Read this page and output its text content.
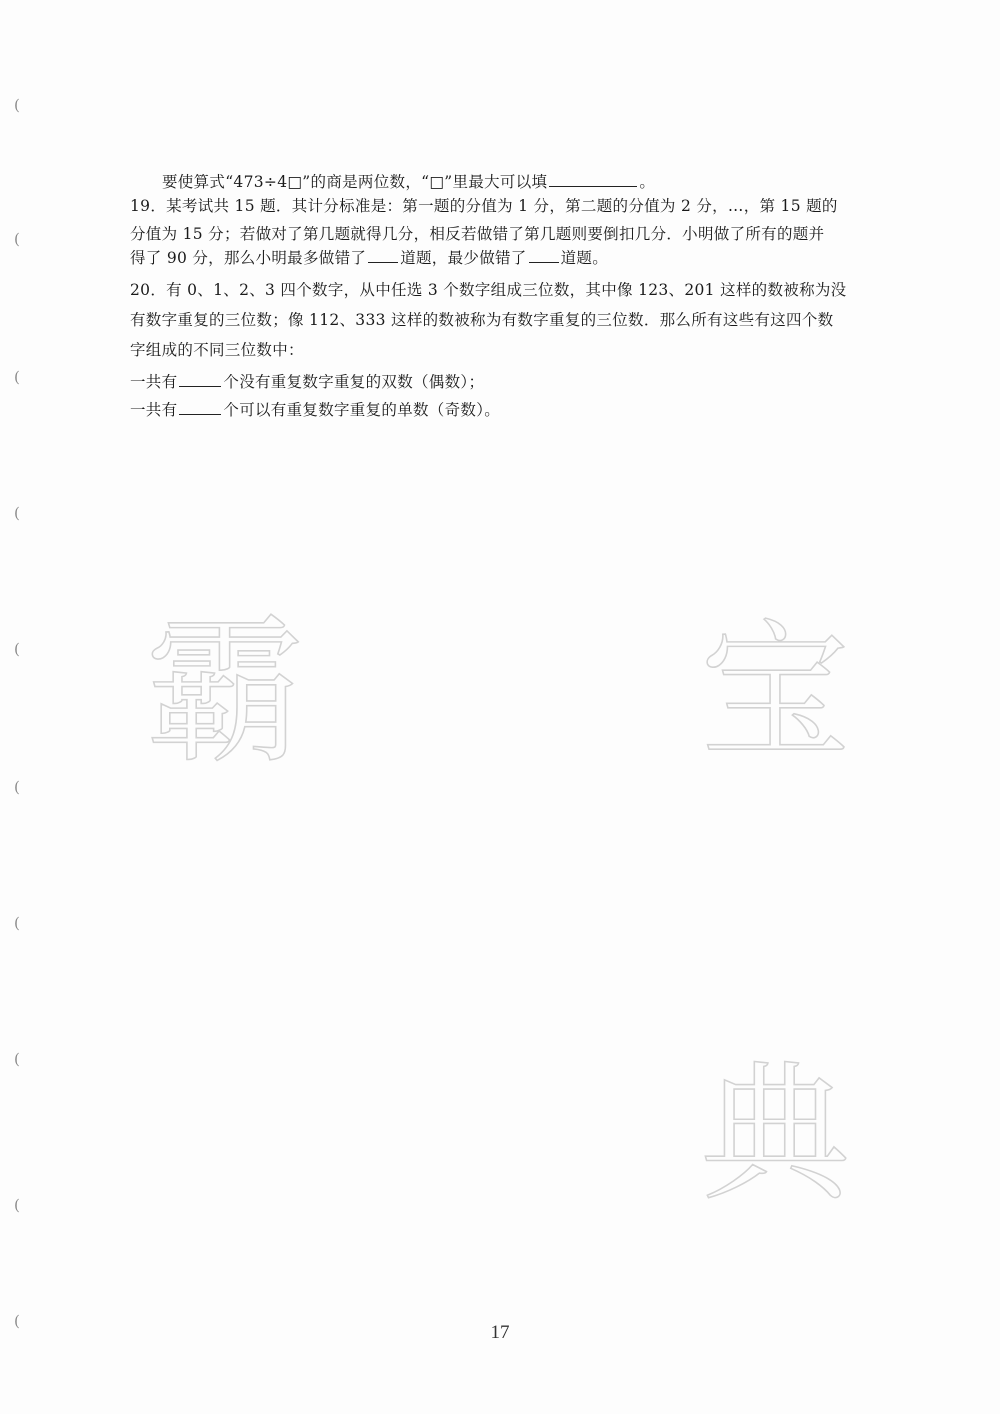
(
(
(
(
(
(
(
(
(
(
要使算式“473÷4□”的商是两位数，“□”里最大可以填	。
19．某考试共 15 题．其计分标准是：第一题的分值为 1 分，第二题的分值为 2 分，…，第 15 题的
分值为 15 分；若做对了第几题就得几分，相反若做错了第几题则要倒扣几分．小明做了所有的题并
得了 90 分，那么小明最多做错了 道题，最少做错了 道题。
20．有 0、1、2、3 四个数字，从中任选 3 个数字组成三位数，其中像 123、201 这样的数被称为没
有数字重复的三位数；像 112、333 这样的数被称为有数字重复的三位数．那么所有这些有这四个数
字组成的不同三位数中：
一共有	个没有重复数字重复的双数（偶数）；
一共有	个可以有重复数字重复的单数（奇数）。
霸	宝
典
17
